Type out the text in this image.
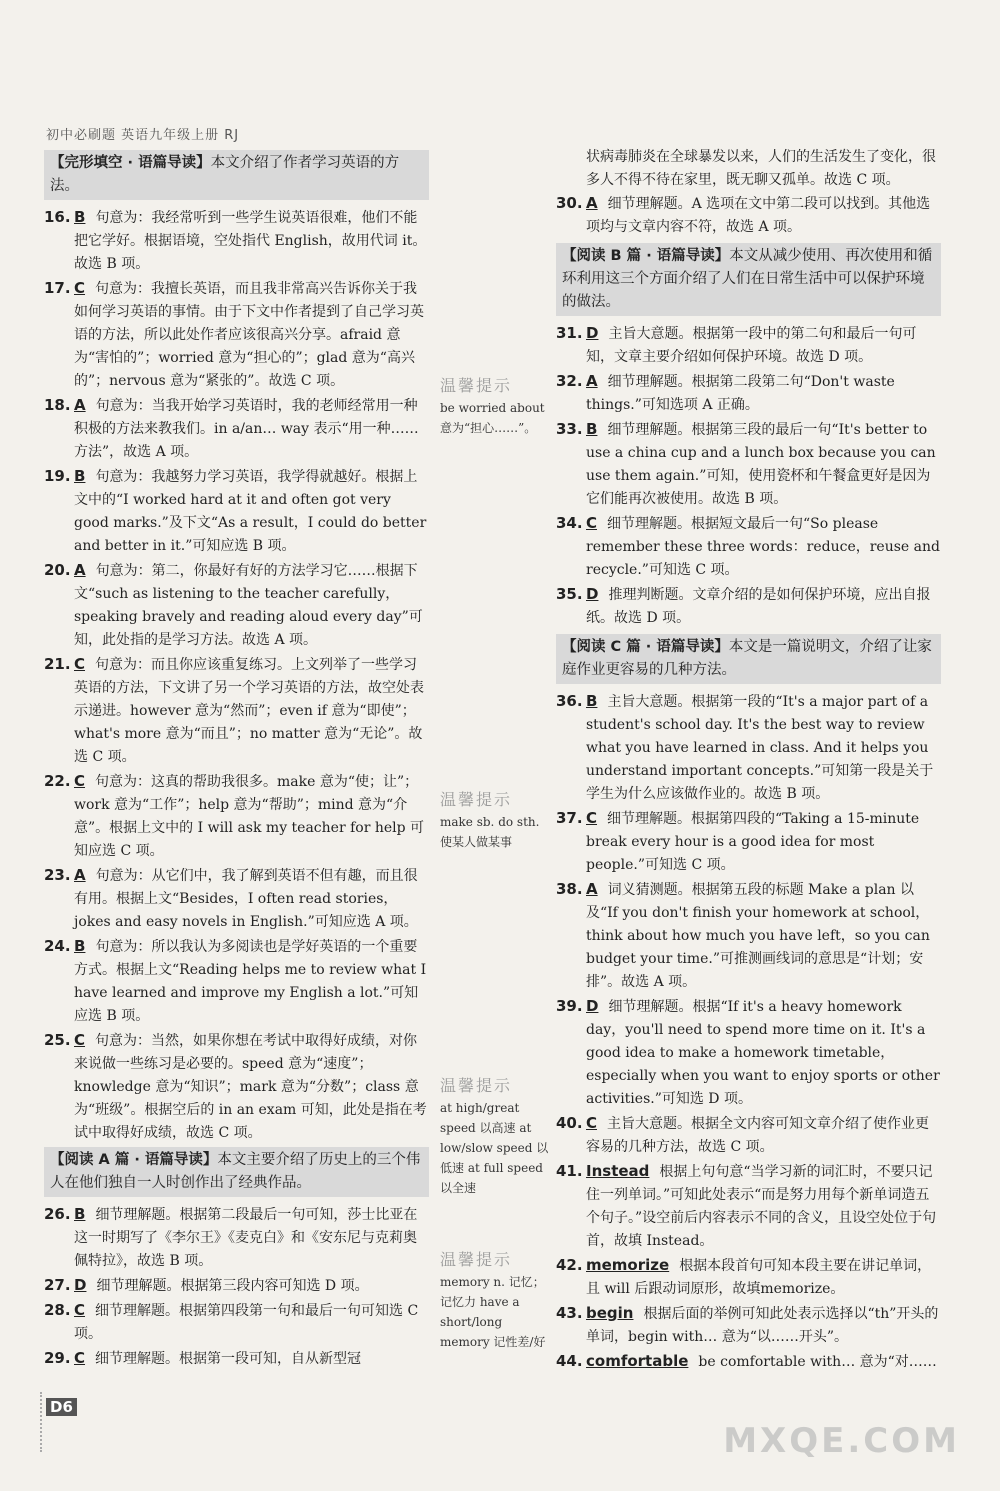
初中必刷题 英语九年级上册 RJ
【完形填空 · 语篇导读】本文介绍了作者学习英语的方法。
16. B 句意为：我经常听到一些学生说英语很难，他们不能把它学好。根据语境，空处指代 English，故用代词 it。故选 B 项。
17. C 句意为：我擅长英语，而且我非常高兴告诉你关于我如何学习英语的事情。由于下文中作者提到了自己学习英语的方法，所以此处作者应该很高兴分享。afraid 意为“害怕的”；worried 意为“担心的”；glad 意为“高兴的”；nervous 意为“紧张的”。故选 C 项。
18. A 句意为：当我开始学习英语时，我的老师经常用一种积极的方法来教我们。in a/an… way 表示“用一种……方法”，故选 A 项。
19. B 句意为：我越努力学习英语，我学得就越好。根据上文中的“I worked hard at it and often got very good marks.”及下文“As a result，I could do better and better in it.”可知应选 B 项。
20. A 句意为：第二，你最好有好的方法学习它……根据下文“such as listening to the teacher carefully，speaking bravely and reading aloud every day”可知，此处指的是学习方法。故选 A 项。
21. C 句意为：而且你应该重复练习。上文列举了一些学习英语的方法，下文讲了另一个学习英语的方法，故空处表示递进。however 意为“然而”；even if 意为“即使”；what's more 意为“而且”；no matter 意为“无论”。故选 C 项。
22. C 句意为：这真的帮助我很多。make 意为“使；让”；work 意为“工作”；help 意为“帮助”；mind 意为“介意”。根据上文中的 I will ask my teacher for help 可知应选 C 项。
23. A 句意为：从它们中，我了解到英语不但有趣，而且很有用。根据上文“Besides，I often read stories，jokes and easy novels in English.”可知应选 A 项。
24. B 句意为：所以我认为多阅读也是学好英语的一个重要方式。根据上文“Reading helps me to review what I have learned and improve my English a lot.”可知应选 B 项。
25. C 句意为：当然，如果你想在考试中取得好成绩，对你来说做一些练习是必要的。speed 意为“速度”；knowledge 意为“知识”；mark 意为“分数”；class 意为“班级”。根据空后的 in an exam 可知，此处是指在考试中取得好成绩，故选 C 项。
【阅读 A 篇 · 语篇导读】本文主要介绍了历史上的三个伟人在他们独自一人时创作出了经典作品。
26. B 细节理解题。根据第二段最后一句可知，莎士比亚在这一时期写了《李尔王》《麦克白》和《安东尼与克莉奥佩特拉》，故选 B 项。
27. D 细节理解题。根据第三段内容可知选 D 项。
28. C 细节理解题。根据第四段第一句和最后一句可知选 C 项。
29. C 细节理解题。根据第一段可知，自从新型冠
状病毒肺炎在全球暴发以来，人们的生活发生了变化，很多人不得不待在家里，既无聊又孤单。故选 C 项。
30. A 细节理解题。A 选项在文中第二段可以找到。其他选项均与文章内容不符，故选 A 项。
【阅读 B 篇 · 语篇导读】本文从减少使用、再次使用和循环利用这三个方面介绍了人们在日常生活中可以保护环境的做法。
31. D 主旨大意题。根据第一段中的第二句和最后一句可知，文章主要介绍如何保护环境。故选 D 项。
32. A 细节理解题。根据第二段第二句“Don't waste things.”可知选项 A 正确。
33. B 细节理解题。根据第三段的最后一句“It's better to use a china cup and a lunch box because you can use them again.”可知，使用瓷杯和午餐盒更好是因为它们能再次被使用。故选 B 项。
34. C 细节理解题。根据短文最后一句“So please remember these three words：reduce，reuse and recycle.”可知选 C 项。
35. D 推理判断题。文章介绍的是如何保护环境，应出自报纸。故选 D 项。
【阅读 C 篇 · 语篇导读】本文是一篇说明文，介绍了让家庭作业更容易的几种方法。
36. B 主旨大意题。根据第一段的“It's a major part of a student's school day. It's the best way to review what you have learned in class. And it helps you understand important concepts.”可知第一段是关于学生为什么应该做作业的。故选 B 项。
37. C 细节理解题。根据第四段的“Taking a 15-minute break every hour is a good idea for most people.”可知选 C 项。
38. A 词义猜测题。根据第五段的标题 Make a plan 以及“If you don't finish your homework at school，think about how much you have left，so you can budget your time.”可推测画线词的意思是“计划；安排”。故选 A 项。
39. D 细节理解题。根据“If it's a heavy homework day，you'll need to spend more time on it. It's a good idea to make a homework timetable，especially when you want to enjoy sports or other activities.”可知选 D 项。
40. C 主旨大意题。根据全文内容可知文章介绍了使作业更容易的几种方法，故选 C 项。
41. Instead 根据上句句意“当学习新的词汇时，不要只记住一列单词。”可知此处表示“而是努力用每个新单词造五个句子。”设空前后内容表示不同的含义，且设空处位于句首，故填 Instead。
42. memorize 根据本段首句可知本段主要在讲记单词，且 will 后跟动词原形，故填memorize。
43. begin 根据后面的举例可知此处表示选择以“th”开头的单词，begin with… 意为“以……开头”。
44. comfortable be comfortable with… 意为“对……
温馨提示
be worried about 意为“担心……”。
温馨提示
make sb. do sth. 使某人做某事
温馨提示
at high/great speed 以高速 at low/slow speed 以低速 at full speed 以全速
温馨提示
memory n. 记忆；记忆力 have a short/long memory 记性差/好
D6
MXQE.COM
